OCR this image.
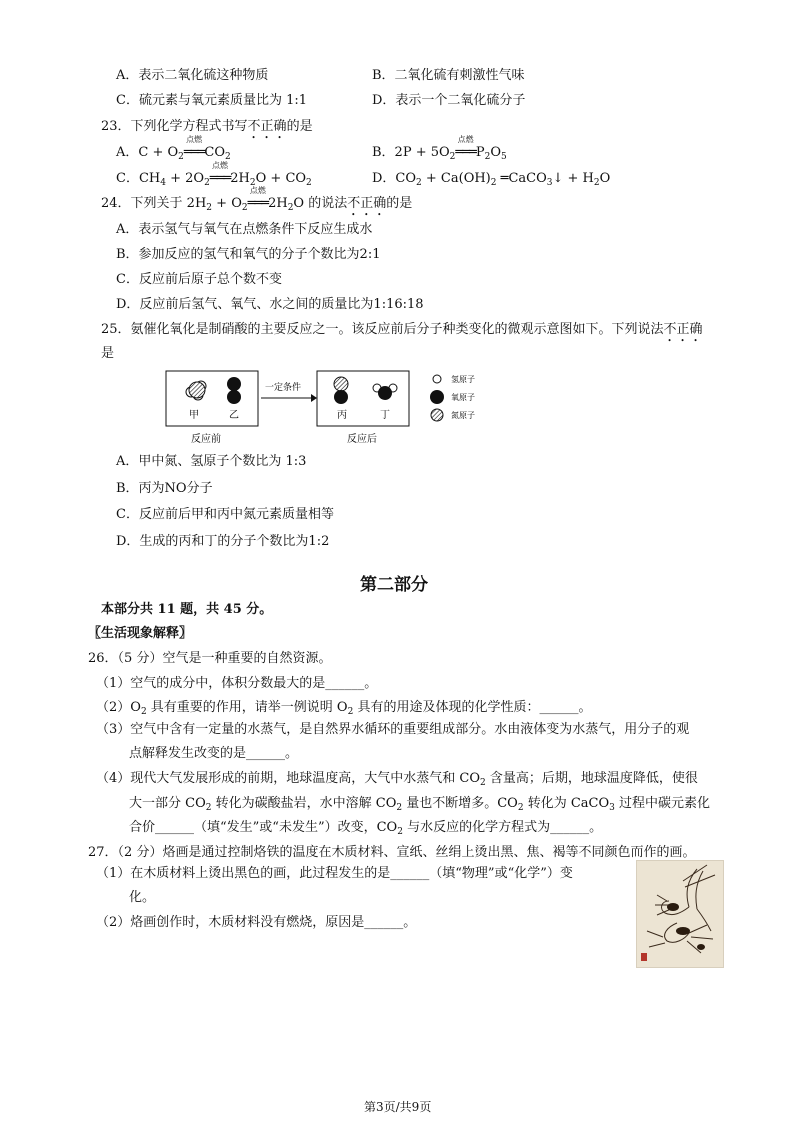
A．表示二氧化硫这种物质	B．二氧化硫有刺激性气味
C．硫元素与氧元素质量比为 1:1	D．表示一个二氧化硫分子
23．下列化学方程式书写不正确的是
A．$C + O_2$
点燃
$═══CO_2$	B．$2P + 5O_2$
点燃
$═══P_2O_5$
C．$CH_4 + 2O_2$
点燃
$═══2H_2O + CO_2$	D．$CO_2 + Ca(OH)_2$ ═CaCO$_3$↓ + $H_2O$
24．下列关于 $2H_2 + O_2$
点燃
$═══2H_2O$ 的说法不正确的是
A．表示氢气与氧气在点燃条件下反应生成水
B．参加反应的氢气和氧气的分子个数比为2:1
C．反应前后原子总个数不变
D．反应前后氢气、氧气、水之间的质量比为1:16:18
25．氨催化氧化是制硝酸的主要反应之一。该反应前后分子种类变化的微观示意图如下。下列说法不正确
是
甲	乙
一定条件
丙	丁
反应前	反应后
氢原子
氧原子
氮原子
A．甲中氮、氢原子个数比为 1:3
B．丙为NO分子
C．反应前后甲和丙中氮元素质量相等
D．生成的丙和丁的分子个数比为1:2
第二部分
本部分共 11 题，共 45 分。
〖生活现象解释〗
26．（5 分）空气是一种重要的自然资源。
（1）空气的成分中，体积分数最大的是______。
$(2)O_2$ 具有重要的作用，请举一例说明 $O_2$ 具有的用途及体现的化学性质：______。
（3）空气中含有一定量的水蒸气，是自然界水循环的重要组成部分。水由液体变为水蒸气，用分子的观
点解释发生改变的是______。
（4）现代大气发展形成的前期，地球温度高，大气中水蒸气和 $CO_2$ 含量高；后期，地球温度降低，使很
大一部分 $CO_2$ 转化为碳酸盐岩，水中溶解 $CO_2$ 量也不断增多。$CO_2$ 转化为 CaCO$_3$ 过程中碳元素化
合价______（填“发生”或“未发生”）改变，$CO_2$ 与水反应的化学方程式为______。
27．（2 分）烙画是通过控制烙铁的温度在木质材料、宣纸、丝绢上烫出黑、焦、褐等不同颜色而作的画。
（1）在木质材料上烫出黑色的画，此过程发生的是______（填“物理”或“化学”）变
化。
（2）烙画创作时，木质材料没有燃烧，原因是______。
第3页/共9页
